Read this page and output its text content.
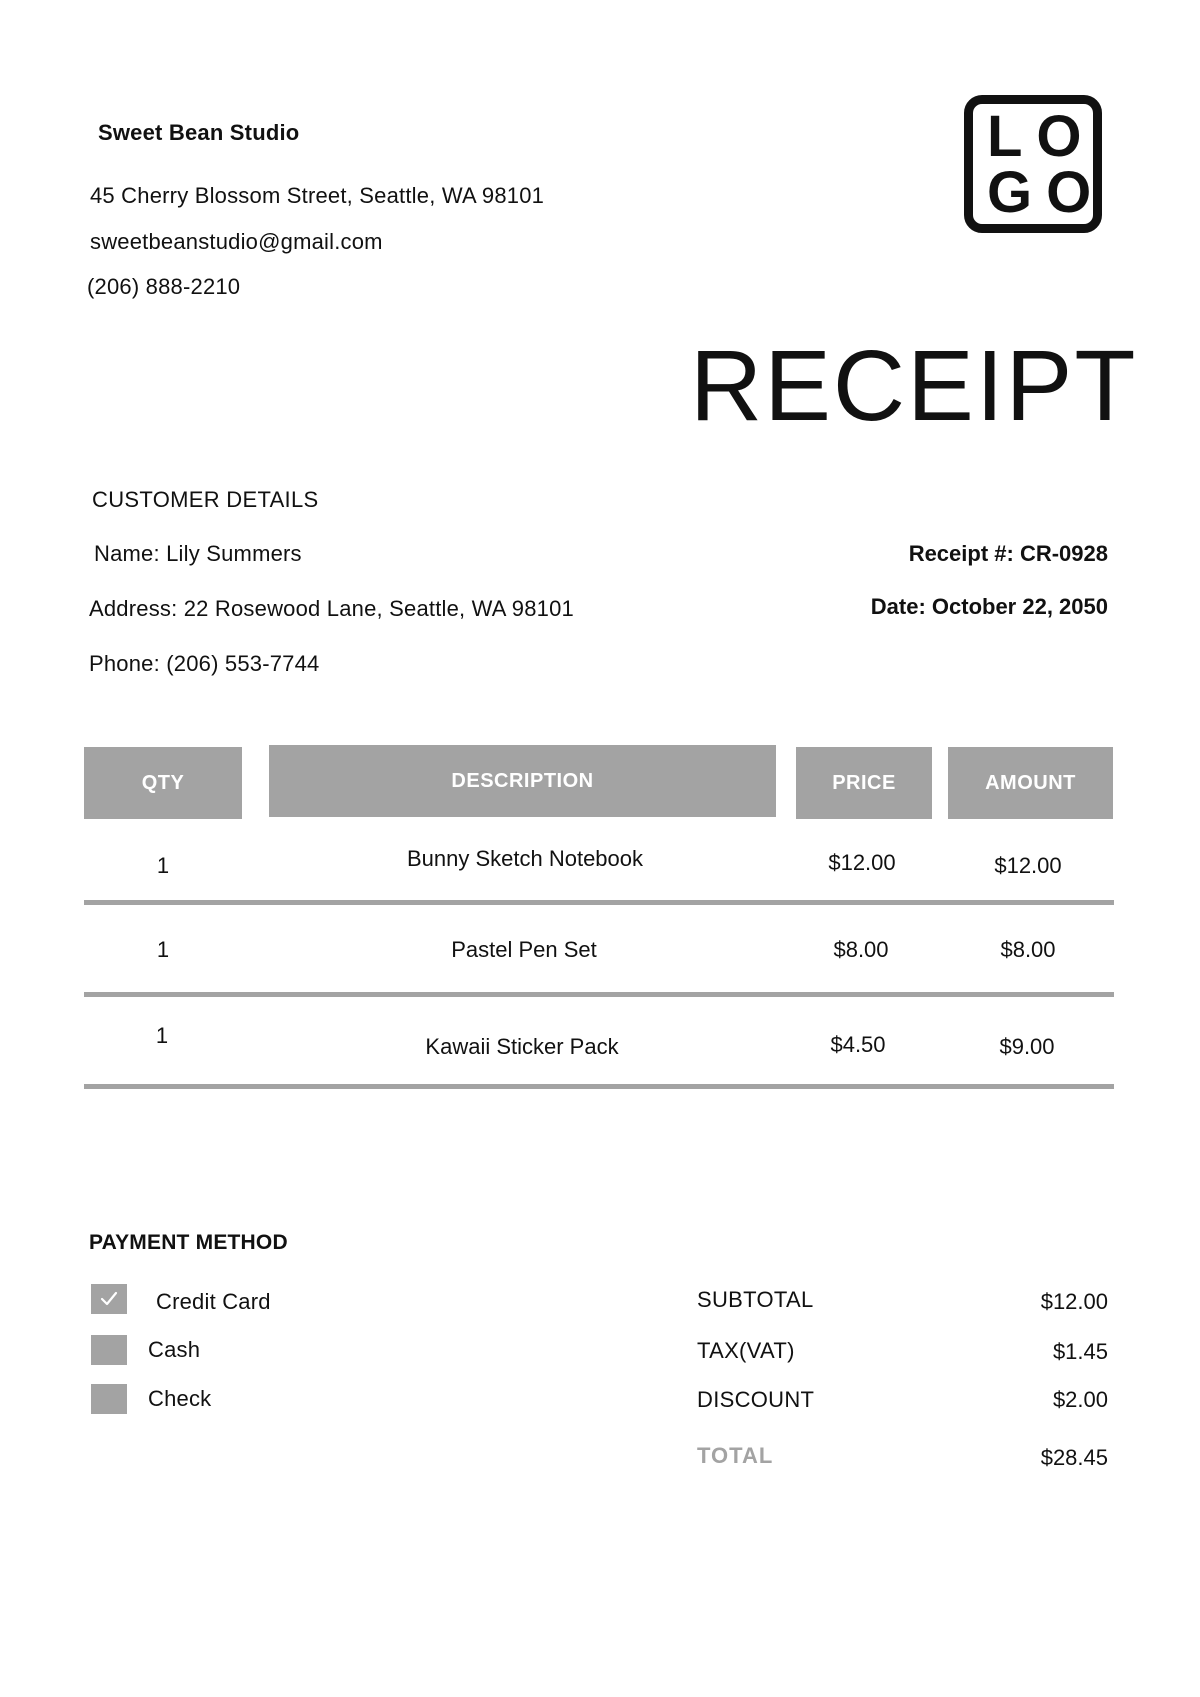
Sweet Bean Studio
45 Cherry Blossom Street, Seattle, WA 98101
sweetbeanstudio@gmail.com
(206) 888-2210
LO
GO
RECEIPT
CUSTOMER DETAILS
Name: Lily Summers
Address: 22 Rosewood Lane, Seattle, WA 98101
Phone: (206) 553-7744
Receipt #: CR-0928
Date: October 22, 2050
QTY	DESCRIPTION	PRICE	AMOUNT
1	Bunny Sketch Notebook	$12.00	$12.00
1	Pastel Pen Set	$8.00	$8.00
1	Kawaii Sticker Pack	$4.50	$9.00
PAYMENT METHOD
Credit Card
Cash
Check
SUBTOTAL	$12.00
TAX(VAT)	$1.45
DISCOUNT	$2.00
TOTAL	$28.45
